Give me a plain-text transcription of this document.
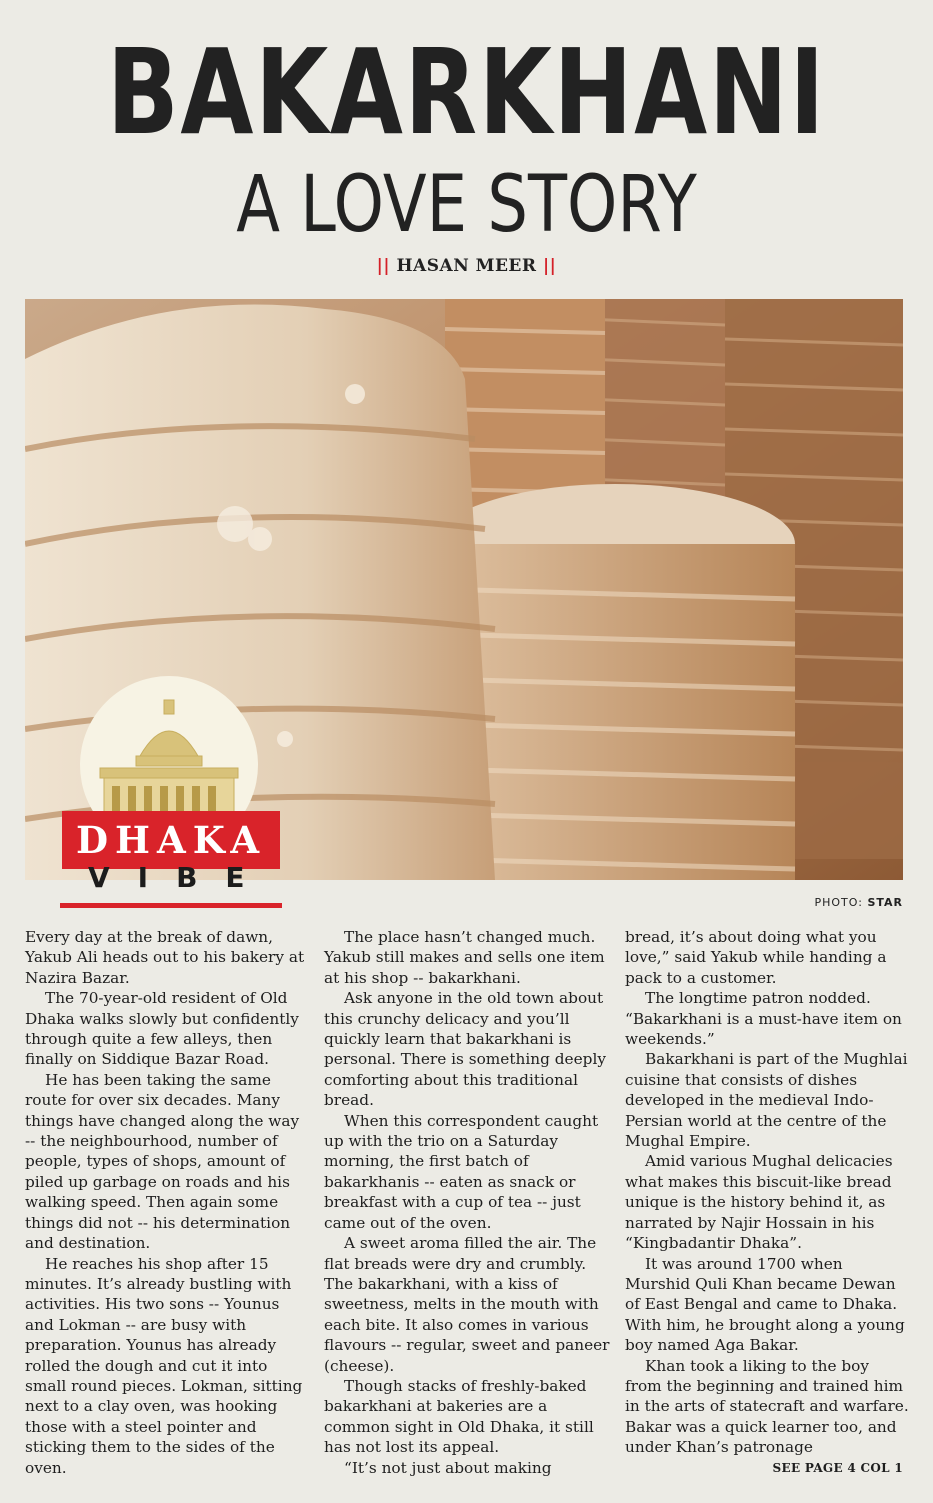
BAKARKHANI
A LOVE STORY
|| HASAN MEER ||
PHOTO: STAR
DHAKA
VIBE

Every day at the break of dawn, Yakub Ali heads out to his bakery at Nazira Bazar.

The 70-year-old resident of Old Dhaka walks slowly but confidently through quite a few alleys, then finally on Siddique Bazar Road.

He has been taking the same route for over six decades. Many things have changed along the way -- the neighbourhood, number of people, types of shops, amount of piled up garbage on roads and his walking speed. Then again some things did not -- his determination and destination.

He reaches his shop after 15 minutes. It’s already bustling with activities. His two sons -- Younus and Lokman -- are busy with preparation. Younus has already rolled the dough and cut it into small round pieces. Lokman, sitting next to a clay oven, was hooking those with a steel pointer and sticking them to the sides of the oven.

The place hasn’t changed much. Yakub still makes and sells one item at his shop -- bakarkhani.

Ask anyone in the old town about this crunchy delicacy and you’ll quickly learn that bakarkhani is personal. There is something deeply comforting about this traditional bread.

When this correspondent caught up with the trio on a Saturday morning, the first batch of bakarkhanis -- eaten as snack or breakfast with a cup of tea -- just came out of the oven.

A sweet aroma filled the air. The flat breads were dry and crumbly. The bakarkhani, with a kiss of sweetness, melts in the mouth with each bite. It also comes in various flavours -- regular, sweet and paneer (cheese).

Though stacks of freshly-baked bakarkhani at bakeries are a common sight in Old Dhaka, it still has not lost its appeal.

“It’s not just about making

bread, it’s about doing what you love,” said Yakub while handing a pack to a customer.

The longtime patron nodded. “Bakarkhani is a must-have item on weekends.”

Bakarkhani is part of the Mughlai cuisine that consists of dishes developed in the medieval Indo-Persian world at the centre of the Mughal Empire.

Amid various Mughal delicacies what makes this biscuit-like bread unique is the history behind it, as narrated by Najir Hossain in his “Kingbadantir Dhaka”.

It was around 1700 when Murshid Quli Khan became Dewan of East Bengal and came to Dhaka. With him, he brought along a young boy named Aga Bakar.

Khan took a liking to the boy from the beginning and trained him in the arts of statecraft and warfare. Bakar was a quick learner too, and under Khan’s patronage

SEE PAGE 4 COL 1
